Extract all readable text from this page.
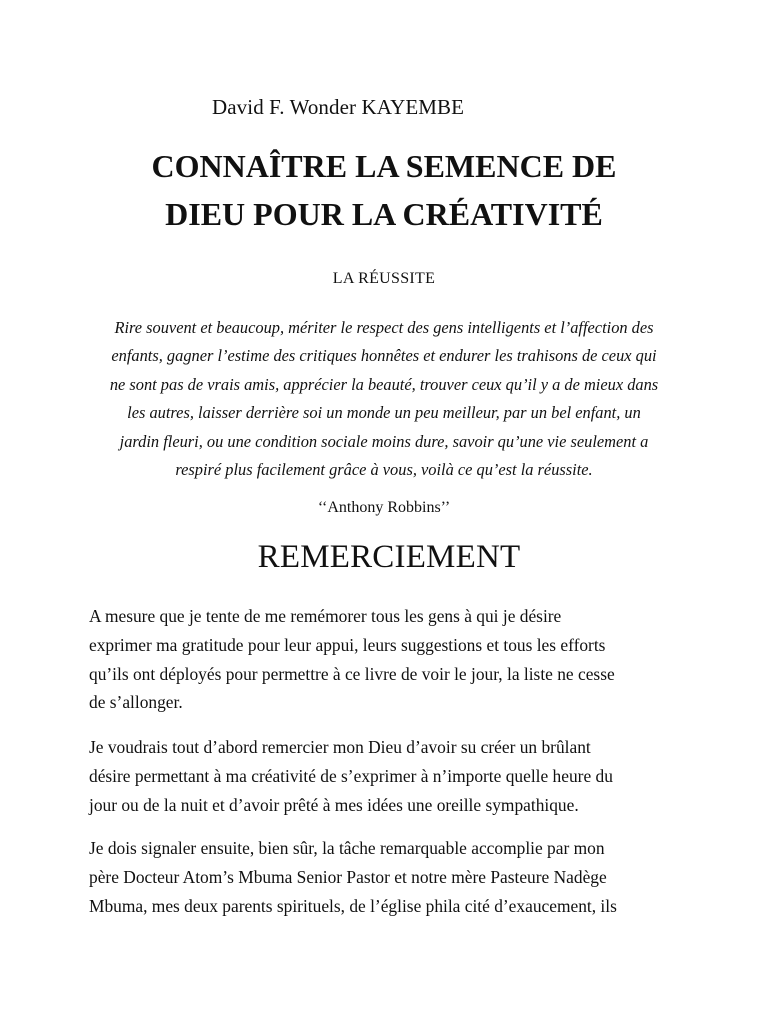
David F. Wonder KAYEMBE
CONNAÎTRE LA SEMENCE DE
DIEU POUR LA CRÉATIVITÉ
LA RÉUSSITE
Rire souvent et beaucoup, mériter le respect des gens intelligents et l’affection des
enfants, gagner l’estime des critiques honnêtes et endurer les trahisons de ceux qui
ne sont pas de vrais amis, apprécier la beauté, trouver ceux qu’il y a de mieux dans
les autres, laisser derrière soi un monde un peu meilleur, par un bel enfant, un
jardin fleuri, ou une condition sociale moins dure, savoir qu’une vie seulement a
respiré plus facilement grâce à vous, voilà ce qu’est la réussite.
‘‘Anthony Robbins’’
REMERCIEMENT
A mesure que je tente de me remémorer tous les gens à qui je désire
exprimer ma gratitude pour leur appui, leurs suggestions et tous les efforts
qu’ils ont déployés pour permettre à ce livre de voir le jour, la liste ne cesse
de s’allonger.
Je voudrais tout d’abord remercier mon Dieu d’avoir su créer un brûlant
désire permettant à ma créativité de s’exprimer à n’importe quelle heure du
jour ou de la nuit et d’avoir prêté à mes idées une oreille sympathique.
Je dois signaler ensuite, bien sûr, la tâche remarquable accomplie par mon
père Docteur Atom’s Mbuma Senior Pastor et notre mère Pasteure Nadège
Mbuma, mes deux parents spirituels, de l’église phila cité d’exaucement, ils
